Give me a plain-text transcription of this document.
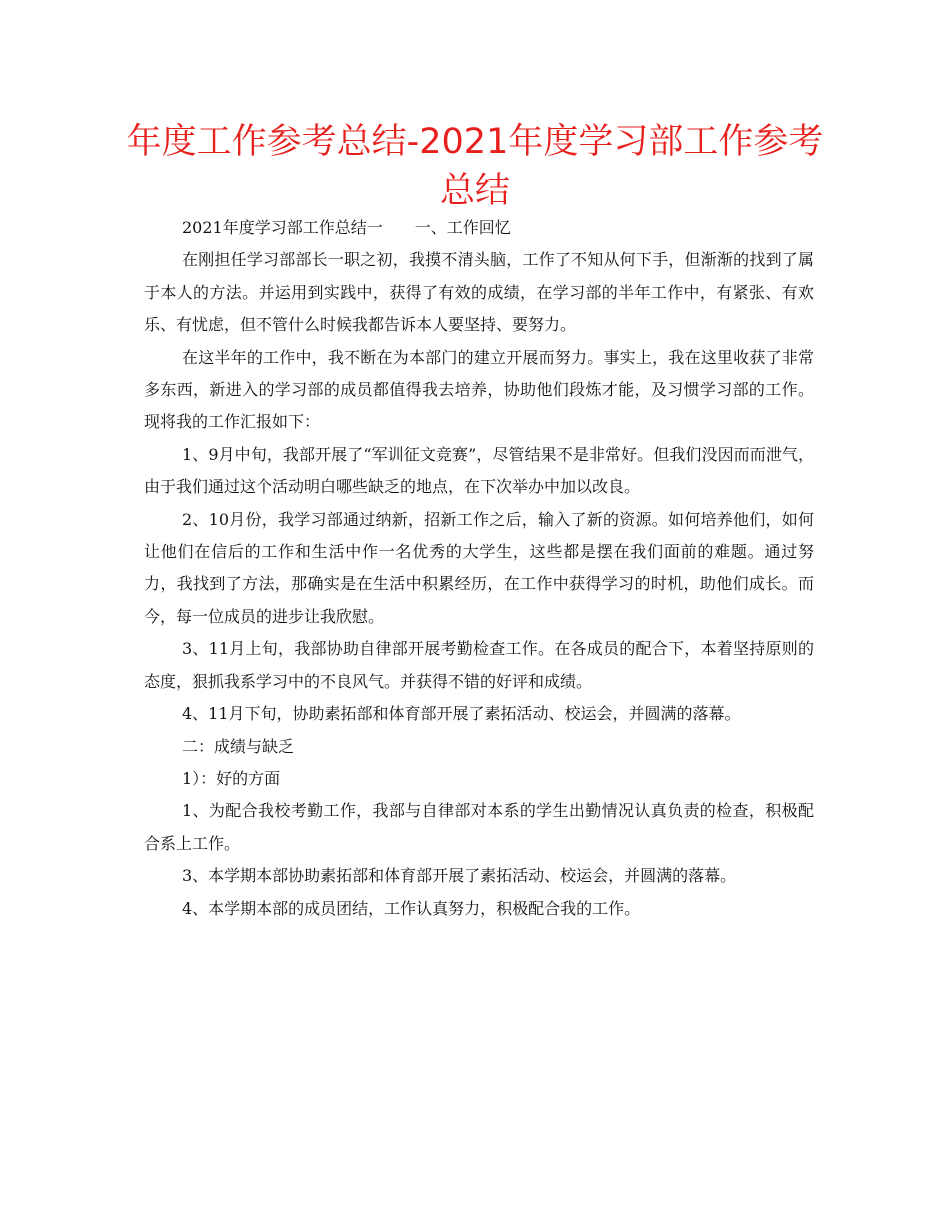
年度工作参考总结-2021年度学习部工作参考总结

2021年度学习部工作总结一　　一、工作回忆

在刚担任学习部部长一职之初，我摸不清头脑，工作了不知从何下手，但渐渐的找到了属于本人的方法。并运用到实践中，获得了有效的成绩，在学习部的半年工作中，有紧张、有欢乐、有忧虑，但不管什么时候我都告诉本人要坚持、要努力。

在这半年的工作中，我不断在为本部门的建立开展而努力。事实上，我在这里收获了非常多东西，新进入的学习部的成员都值得我去培养，协助他们段炼才能，及习惯学习部的工作。现将我的工作汇报如下：

1、9月中旬，我部开展了“军训征文竞赛”，尽管结果不是非常好。但我们没因而而泄气，由于我们通过这个活动明白哪些缺乏的地点，在下次举办中加以改良。

2、10月份，我学习部通过纳新，招新工作之后，输入了新的资源。如何培养他们，如何让他们在信后的工作和生活中作一名优秀的大学生，这些都是摆在我们面前的难题。通过努力，我找到了方法，那确实是在生活中积累经历，在工作中获得学习的时机，助他们成长。而今，每一位成员的进步让我欣慰。

3、11月上旬，我部协助自律部开展考勤检查工作。在各成员的配合下，本着坚持原则的态度，狠抓我系学习中的不良风气。并获得不错的好评和成绩。

4、11月下旬，协助素拓部和体育部开展了素拓活动、校运会，并圆满的落幕。

二：成绩与缺乏

1）：好的方面

1、为配合我校考勤工作，我部与自律部对本系的学生出勤情况认真负责的检查，积极配合系上工作。

3、本学期本部协助素拓部和体育部开展了素拓活动、校运会，并圆满的落幕。

4、本学期本部的成员团结，工作认真努力，积极配合我的工作。
